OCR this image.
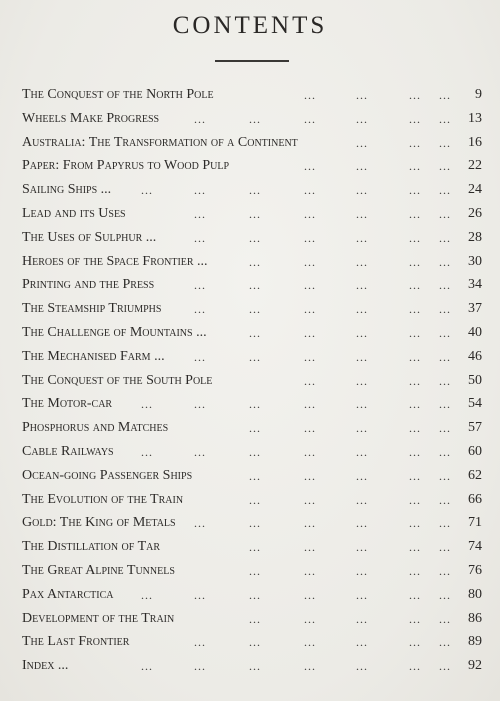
CONTENTS
The Conquest of the North Pole	...	...	... ... 9
Wheels Make Progress	...	...	...	...	... ... 13
Australia: The Transformation of a Continent	...	... ... 16
Paper: From Papyrus to Wood Pulp	...	...	... ... 22
Sailing Ships ... ...	...	...	...	...	... ... 24
Lead and its Uses	...	...	...	...	... ... 26
The Uses of Sulphur ...	...	...	...	...	... ... 28
Heroes of the Space Frontier ...	...	...	...	... ... 30
Printing and the Press	...	...	...	...	... ... 34
The Steamship Triumphs	...	...	...	...	... ... 37
The Challenge of Mountains ...	...	...	...	... ... 40
The Mechanised Farm ... ...	...	...	...	... ... 46
The Conquest of the South Pole	...	...	... ... 50
The Motor-car ...	...	...	...	...	... ... 54
Phosphorus and Matches	...	...	...	... ... 57
Cable Railways ...	...	...	...	...	... ... 60
Ocean-going Passenger Ships	...	...	...	... ... 62
The Evolution of the Train	...	...	...	... ... 66
Gold: The King of Metals ...	...	...	...	... ... 71
The Distillation of Tar	...	...	...	... ... 74
The Great Alpine Tunnels	...	...	...	... ... 76
Pax Antarctica ...	...	...	...	...	... ... 80
Development of the Train	...	...	...	... ... 86
The Last Frontier	...	...	...	...	... ... 89
Index ...	...	...	...	...	...	... ... 92
